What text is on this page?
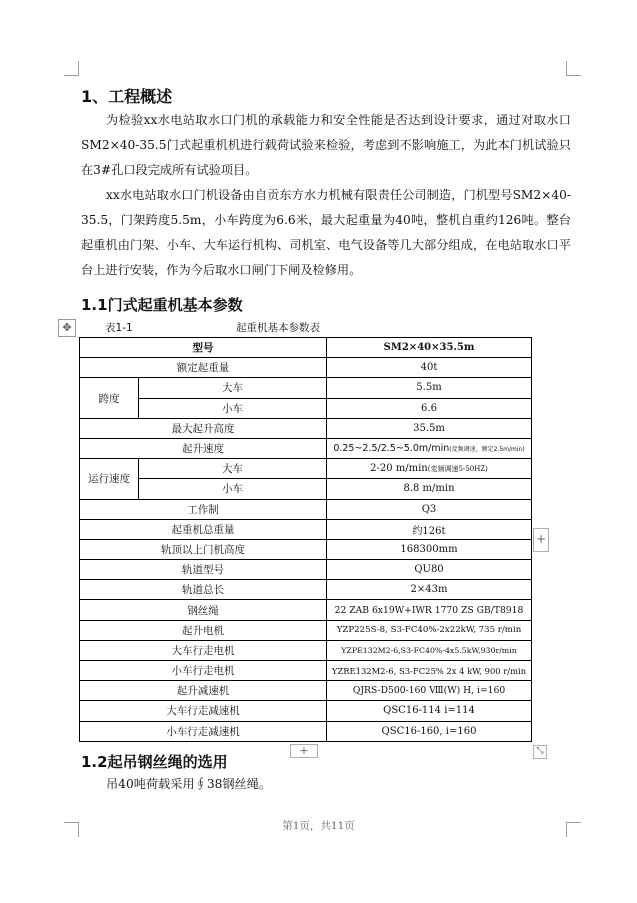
1、工程概述

为检验xx水电站取水口门机的承载能力和安全性能是否达到设计要求，通过对取水口SM2×40-35.5门式起重机机进行载荷试验来检验，考虑到不影响施工，为此本门机试验只在3#孔口段完成所有试验项目。

xx水电站取水口门机设备由自贡东方水力机械有限责任公司制造，门机型号SM2×40-35.5，门架跨度5.5m，小车跨度为6.6米，最大起重量为40吨，整机自重约126吨。整台起重机由门架、小车、大车运行机构、司机室、电气设备等几大部分组成，在电站取水口平台上进行安装，作为今后取水口闸门下闸及检修用。

1.1门式起重机基本参数
✥	表1-1	起重机基本参数表
型号		SM2×40×35.5m
额定起重量		40t
跨度	大车	5.5m
	小车	6.6
最大起升高度		35.5m
起升速度		0.25~2.5/2.5~5.0m/min(変频调速，额定2.5m/min)
运行速度	大车	2-20 m/min(変频调速5-50HZ)
	小车	8.8 m/min
工作制		Q3
起重机总重量		约126t
轨顶以上门机高度		168300mm
轨道型号		QU80
轨道总长		2×43m
钢丝绳		22 ZAB 6x19W+IWR 1770 ZS GB/T8918
起升电机		YZP225S-8, S3-FC40%-2x22kW, 735 r/min
大车行走电机		YZPE132M2-6,S3-FC40%-4x5.5kW,930r/min
小车行走电机		YZRE132M2-6, S3-FC25% 2x 4 kW, 900 r/min
起升减速机		QJRS-D500-160 Ⅷ(W) H, i=160
大车行走减速机		QSC16-114 i=114
小车行走减速机		QSC16-160, i=160
+
+	⤡
1.2起吊钢丝绳的选用

吊40吨荷载采用∮38钢丝绳。

第1页，共11页
